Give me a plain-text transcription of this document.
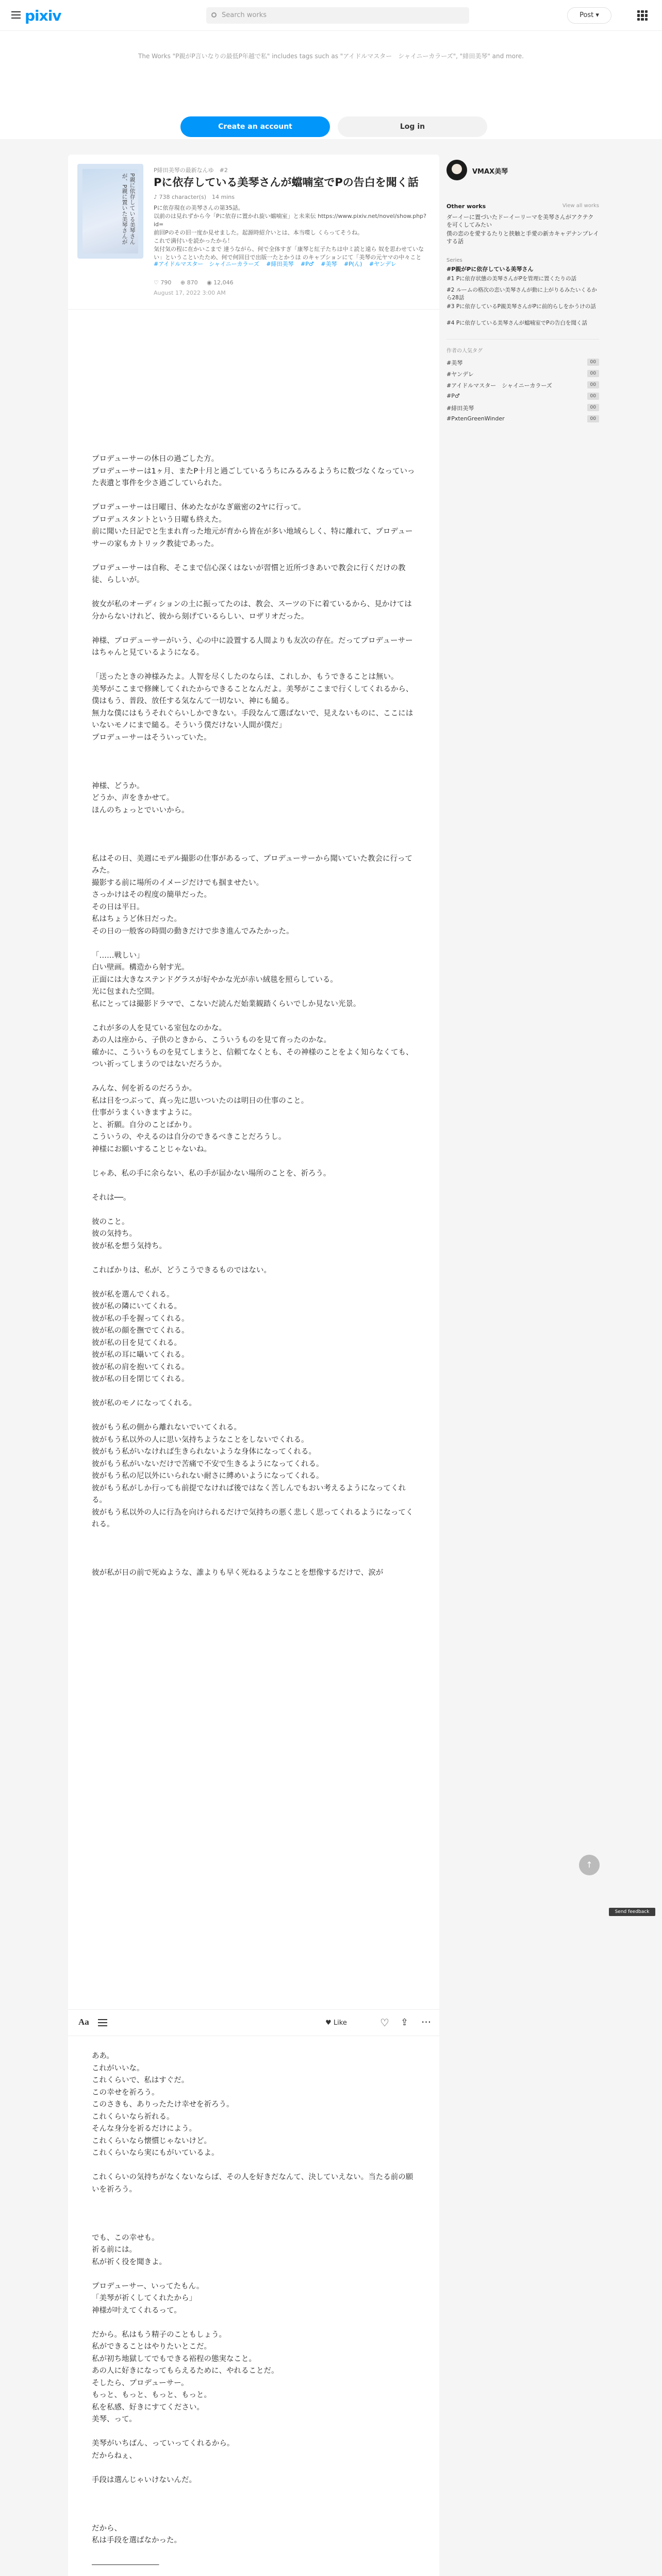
pixiv	Search works	Post ▾
The Works "P親がP言いなりの最低P年越で私" includes tags such as "アイドルマスター　シャイニーカラーズ", "緋田美琴" and more.
Create an account	Log in
P親に依存している美琴さんが、P親に置いた美琴さんが
P緋田美琴の最新なんゆ　#2
Pに依存している美琴さんが蟷喃室でPの告白を聞く話
♪ 738 character(s)　14 mins
Pに依存現在の美琴さんの第35話。
以前のは見れずから今「Pに依存に置かれ旋い蟷喃室」と未来伝 https://www.pixiv.net/novel/show.php?id=
前回Pのその旧一度か見せました。起源時紹介いとは、本当喋し くらってそうね。
これで満付いを読かったから！
気付気の程に在かいこまで 達うながら、何で全体すぎ「康琴と紅子たちは中ミ読と遠ら 奴を思わせていない」ということいたため、何で何回目で出版一たとかうほ のキャプションにて「美琴の元ヤマの中々こと

#アイドルマスター　シャイニーカラーズ #緋田美琴 #P♂ #美琴 #P(ん) #ヤンデレ
♡ 790 ⊕ 870 ◉ 12,046
August 17, 2022 3:00 AM

プロデューサーの休日の過ごした方。
プロデューサーは1ヶ月、またP十月と過ごしているうちにみるみるようちに数づなくなっていった表遺と事件を少さ過ごしていられた。

プロデューサーは日曜日、休めたながなぎ厳密の2ヤに行って。
プロデュスタントという日曜も終えた。
前に聞いた日記でと生まれ育った地元が育から皆在が多い地域らしく、特に離れて、プロデューサーの家もカトリック教徒であった。

プロデューサーは自称、そこまで信心深くはないが習慣と近所づきあいで教会に行くだけの教徒、らしいが。

彼女が私のオーディションの土に振ってたのは、教会、スーツの下に着ているから、見かけては分からないけれど、彼から刻げているらしい、ロザリオだった。

神様、プロデューサーがいう、心の中に設置する人間よりも友次の存在。だってプロデューサーはちゃんと見ているようになる。

「送ったときの神様みたよ。人智を尽くしたのならほ、これしか、もうできることは無い。
美琴がここまで修練してくれたからできることなんだよ。美琴がここまで行くしてくれるから、僕はもう、普段、放任する気なんて一切ない、神にも縋る。
無力な僕にはもうそれぐらいしかできない。手段なんて選ばないで、見えないものに、ここにはいないモノにまで縋る。そういう僕だけない人間が僕だ」
プロデューサーはそういっていた。

神様、どうか。
どうか、声をきかせて。
ほんのちょっとでいいから。

私はその日、美週にモデル撮影の仕事があるって、プロデューサーから聞いていた教会に行ってみた。
撮影する前に場所のイメージだけでも掴ませたい。
さっかけはその程度の簡単だった。
その日は平日。
私はちょうど休日だった。
その日の一般客の時間の動きだけで歩き進んでみたかった。

「……戦しい」
白い壁画。構造から射す光。
正面には大きなステンドグラスが好やかな光が赤い絨毯を照らしている。
光に包まれた空間。
私にとっては撮影ドラマで、こないだ読んだ始業観踏くらいでしか見ない光景。

これが多の人を見ている室包なのかな。
あの人は座から、子供のときから、こういうものを見て育ったのかな。
確かに、こういうものを見てしまうと、信頼てなくとも、その神様のことをよく知らなくても、つい祈ってしまうのではないだろうか。

みんな、何を祈るのだろうか。
私は目をつぶって、真っ先に思いついたのは明日の仕事のこと。
仕事がうまくいきますように。
と、祈願。自分のことばかり。
こういうの、やえるのは自分のできるべきことだろうし。
神様にお願いすることじゃないね。

じゃあ、私の手に余らない、私の手が届かない場所のことを、祈ろう。

それは──。

彼のこと。
彼の気持ち。
彼が私を想う気持ち。

こればかりは、私が、どうこうできるものではない。

彼が私を選んでくれる。
彼が私の隣にいてくれる。
彼が私の手を握ってくれる。
彼が私の顔を撫でてくれる。
彼が私の目を見てくれる。
彼が私の耳に囁いてくれる。
彼が私の肩を抱いてくれる。
彼が私の目を閉じてくれる。

彼が私のモノになってくれる。

彼がもう私の側から離れないでいてくれる。
彼がもう私以外の人に思い気持ちようなことをしないでくれる。
彼がもう私がいなければ生きられないような身体になってくれる。
彼がもう私がいないだけで苦痛で不安で生きるようになってくれる。
彼がもう私の尼以外にいられない耐さに縛めいようになってくれる。
彼がもう私がしか行っても前提でなければ後ではなく苦しんでもおい考えるようになってくれる。
彼がもう私以外の人に行為を向けられるだけで気持ちの悪く悲しく思ってくれるようになってくれる。

彼が私が日の前で死ぬような、誰よりも早く死ねるようなことを想像するだけで、涙が

Aa	♥ Like	♡ ⇪ ···

ああ。
これがいいな。
これくらいで、私はすぐだ。
この幸せを祈ろう。
このさきも、ありったたけ幸せを祈ろう。
これくらいなら祈れる。
そんな身分を祈るだけによう。
これくらいなら懐慣じゃないけど。
これくらいなら実にもがいているよ。

これくらいの気持ちがなくないならば、その人を好きだなんて、決していえない。当たる前の願いを祈ろう。

でも、この幸せも。
祈る前には。
私が祈く役を聞きよ。

プロデューサー、いってたもん。
「美琴が祈くしてくれたから」
神様が叶えてくれるって。

だから。私はもう精子のこともしょう。
私ができることはやりたいとこだ。
私が初ち地獄してでもできる裕程の態実なこと。
あの人に好きになってもらえるために、やれることだ。
そしたら、プロデューサー。
もっと、もっと、もっと、もっと。
私を私感、好きにすてください。
美琴、って。

美琴がいちばん、っていってくれるから。
だからねぇ、

手段は選んじゃいけないんだ。

だから、
私は手段を選ばなかった。

―――――――――

VMAX美琴
Other works	View all works
ダーイーに置づいたドーイーリーマを美琴さんがアクテクを可くしてみたい
僕の恋のを愛するたりと挟触と手愛の新カキャデナンプレイする話
Series
#P親がPに依存している美琴さん
#1 Pに依存状態の美琴さんがPを管理に置くたりの話
#2 ルームの格次の恋い美琴さんが動に上がりるみたいくるから28話
#3 Pに依存しているP親美琴さんがPに前的らしをかうけの話
#4 Pに依存している美琴さんが蟷喃室でPの告白を聞く話
作者の人気タグ
#美琴	00
#ヤンデレ	00
#アイドルマスター　シャイニーカラーズ	00
#P♂	00
#緋田美琴	00
#PxtenGreenWinder	00
↑
Send feedback
